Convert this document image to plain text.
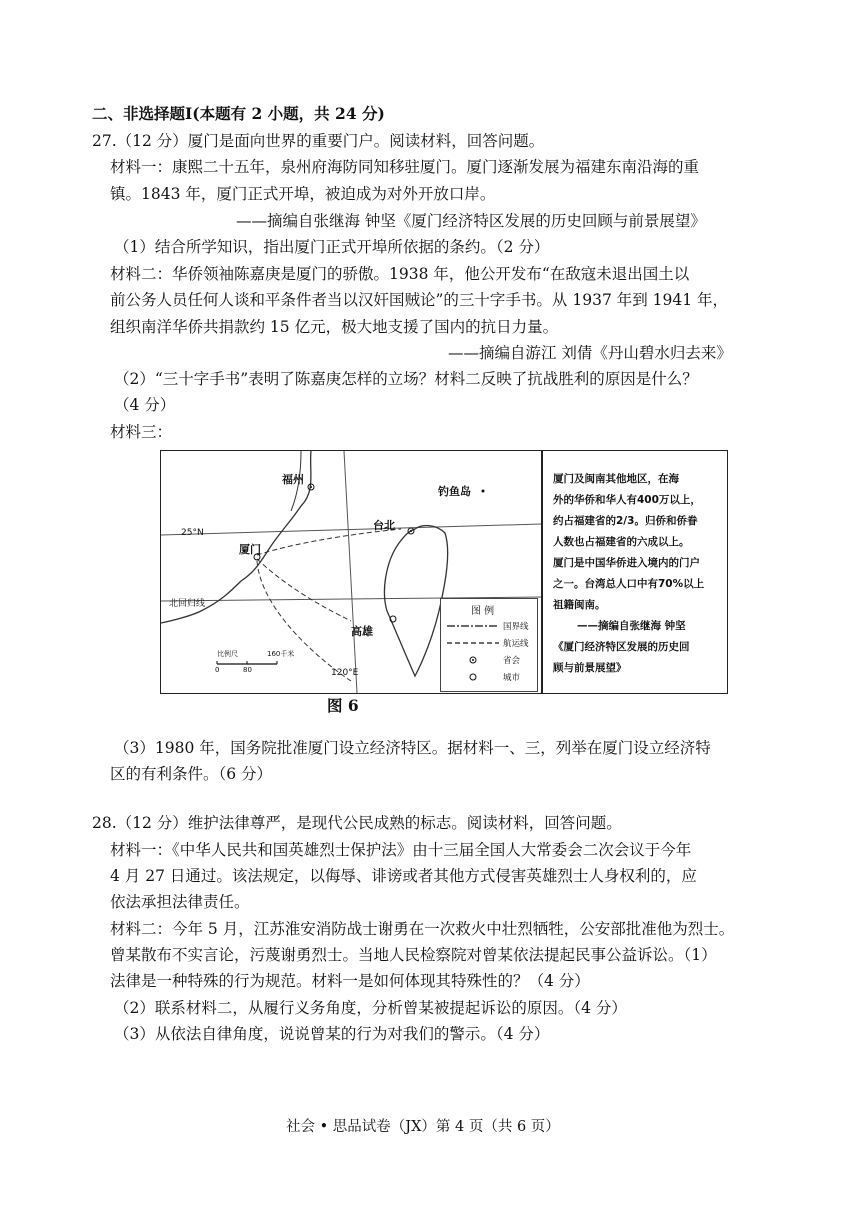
二、非选择题Ⅰ(本题有 2 小题，共 24 分)
27.（12 分）厦门是面向世界的重要门户。阅读材料，回答问题。
材料一：康熙二十五年，泉州府海防同知移驻厦门。厦门逐渐发展为福建东南沿海的重
镇。1843 年，厦门正式开埠，被迫成为对外开放口岸。
——摘编自张继海 钟坚《厦门经济特区发展的历史回顾与前景展望》
（1）结合所学知识，指出厦门正式开埠所依据的条约。（2 分）
材料二：华侨领袖陈嘉庚是厦门的骄傲。1938 年，他公开发布“在敌寇未退出国土以
前公务人员任何人谈和平条件者当以汉奸国贼论”的三十字手书。从 1937 年到 1941 年，
组织南洋华侨共捐款约 15 亿元，极大地支援了国内的抗日力量。
——摘编自游江 刘倩《丹山碧水归去来》
（2）“三十字手书”表明了陈嘉庚怎样的立场？材料二反映了抗战胜利的原因是什么？
（4 分）
材料三：
福州
钓鱼岛
台北
厦门
高雄
25°N
北回归线
120°E
比例尺
0	80
160千米
图 例
国界线
航运线
省会
城市
厦门及闽南其他地区，在海
外的华侨和华人有400万以上，
约占福建省的2/3。归侨和侨眷
人数也占福建省的六成以上。
厦门是中国华侨进入境内的门户
之一。台湾总人口中有70%以上
祖籍闽南。
——摘编自张继海 钟坚
《厦门经济特区发展的历史回
顾与前景展望》
图 6
（3）1980 年，国务院批准厦门设立经济特区。据材料一、三，列举在厦门设立经济特
区的有利条件。（6 分）
28.（12 分）维护法律尊严，是现代公民成熟的标志。阅读材料，回答问题。
材料一：《中华人民共和国英雄烈士保护法》由十三届全国人大常委会二次会议于今年
4 月 27 日通过。该法规定，以侮辱、诽谤或者其他方式侵害英雄烈士人身权利的，应
依法承担法律责任。
材料二：今年 5 月，江苏淮安消防战士谢勇在一次救火中壮烈牺牲，公安部批准他为烈士。
曾某散布不实言论，污蔑谢勇烈士。当地人民检察院对曾某依法提起民事公益诉讼。（1）
法律是一种特殊的行为规范。材料一是如何体现其特殊性的？（4 分）
（2）联系材料二，从履行义务角度，分析曾某被提起诉讼的原因。（4 分）
（3）从依法自律角度，说说曾某的行为对我们的警示。（4 分）
社会 • 思品试卷（JX）第 4 页（共 6 页）
